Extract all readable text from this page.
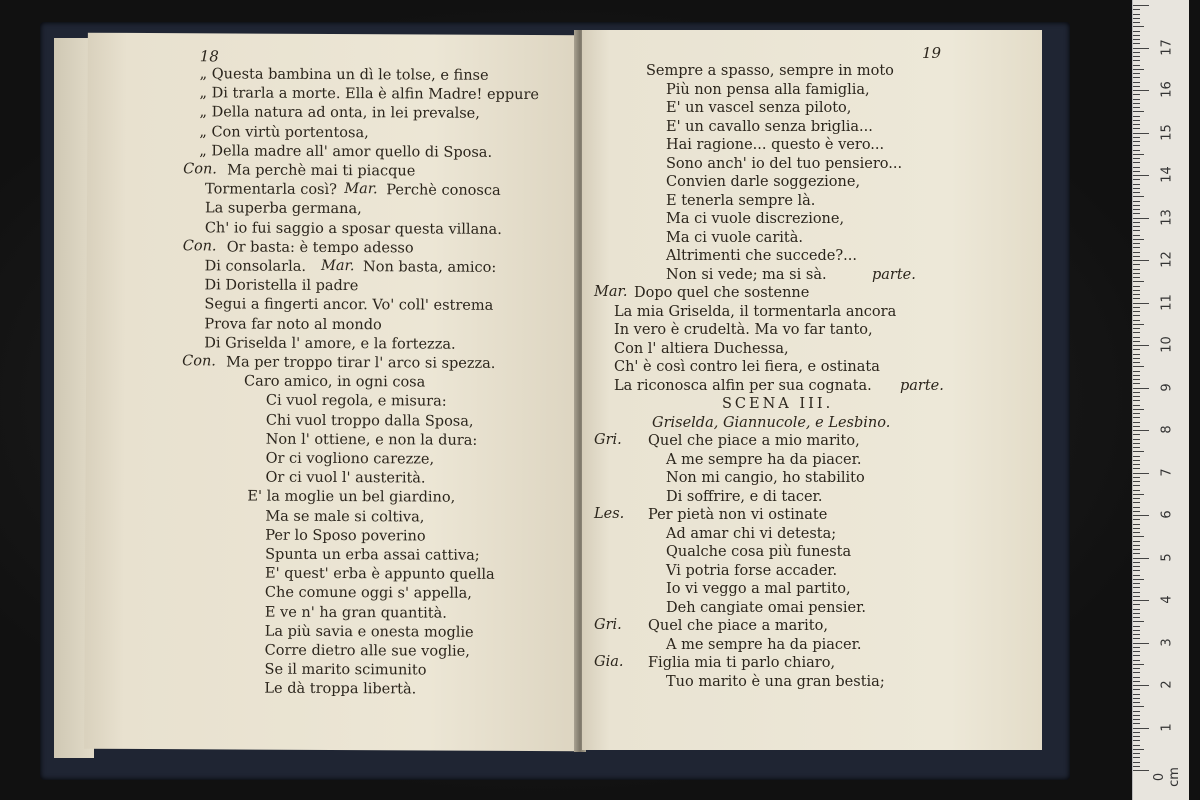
18
„ Questa bambina un dì le tolse, e finse
„ Di trarla a morte. Ella è alfin Madre! eppure
„ Della natura ad onta, in lei prevalse,
„ Con virtù portentosa,
„ Della madre all' amor quello di Sposa.
Con. Ma perchè mai ti piacque
Tormentarla così? Mar. Perchè conosca
La superba germana,
Ch' io fui saggio a sposar questa villana.
Con. Or basta: è tempo adesso
Di consolarla. Mar. Non basta, amico:
Di Doristella il padre
Segui a fingerti ancor. Vo' coll' estrema
Prova far noto al mondo
Di Griselda l' amore, e la fortezza.
Con. Ma per troppo tirar l' arco si spezza.
Caro amico, in ogni cosa
Ci vuol regola, e misura:
Chi vuol troppo dalla Sposa,
Non l' ottiene, e non la dura:
Or ci vogliono carezze,
Or ci vuol l' austerità.
E' la moglie un bel giardino,
Ma se male si coltiva,
Per lo Sposo poverino
Spunta un erba assai cattiva;
E' quest' erba è appunto quella
Che comune oggi s' appella,
E ve n' ha gran quantità.
La più savia e onesta moglie
Corre dietro alle sue voglie,
Se il marito scimunito
Le dà troppa libertà.
19
Sempre a spasso, sempre in moto
Più non pensa alla famiglia,
E' un vascel senza piloto,
E' un cavallo senza briglia...
Hai ragione... questo è vero...
Sono anch' io del tuo pensiero...
Convien darle soggezione,
E tenerla sempre là.
Ma ci vuole discrezione,
Ma ci vuole carità.
Altrimenti che succede?...
Non si vede; ma si sà.	parte.
Mar. Dopo quel che sostenne
La mia Griselda, il tormentarla ancora
In vero è crudeltà. Ma vo far tanto,
Con l' altiera Duchessa,
Ch' è così contro lei fiera, e ostinata
La riconosca alfin per sua cognata. parte.
SCENA III.
Griselda, Giannucole, e Lesbino.
Gri. Quel che piace a mio marito,
A me sempre ha da piacer.
Non mi cangio, ho stabilito
Di soffrire, e di tacer.
Les. Per pietà non vi ostinate
Ad amar chi vi detesta;
Qualche cosa più funesta
Vi potria forse accader.
Io vi veggo a mal partito,
Deh cangiate omai pensier.
Gri. Quel che piace a marito,
A me sempre ha da piacer.
Gia. Figlia mia ti parlo chiaro,
Tuo marito è una gran bestia;
0 cm
1
2
3
4
5
6
7
8
9
10
11
12
13
14
15
16
17
